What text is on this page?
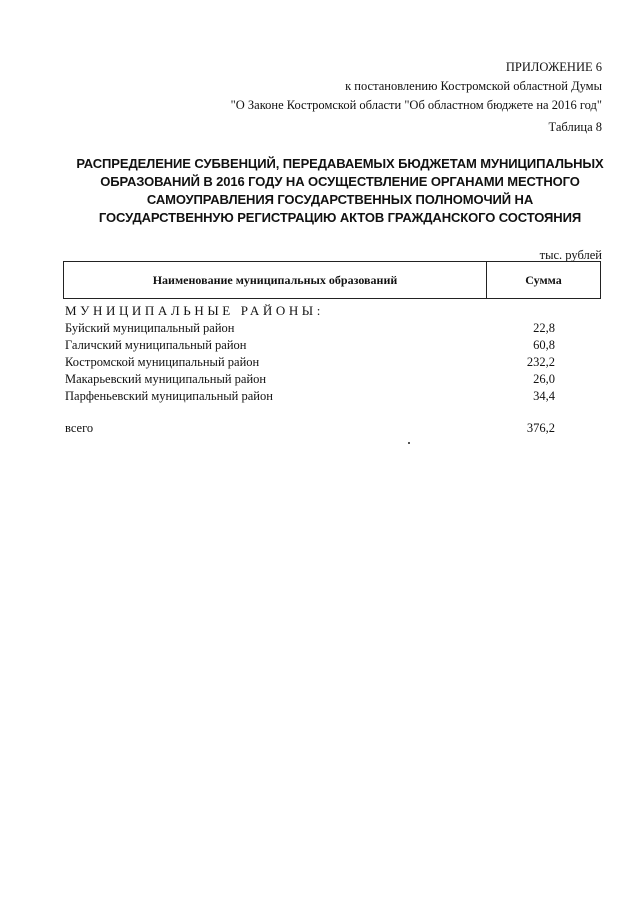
ПРИЛОЖЕНИЕ 6
к постановлению Костромской областной Думы
"О Законе Костромской области "Об областном бюджете на 2016 год"
Таблица 8
РАСПРЕДЕЛЕНИЕ СУБВЕНЦИЙ, ПЕРЕДАВАЕМЫХ БЮДЖЕТАМ МУНИЦИПАЛЬНЫХ
ОБРАЗОВАНИЙ В 2016 ГОДУ НА ОСУЩЕСТВЛЕНИЕ ОРГАНАМИ МЕСТНОГО
САМОУПРАВЛЕНИЯ ГОСУДАРСТВЕННЫХ ПОЛНОМОЧИЙ НА
ГОСУДАРСТВЕННУЮ РЕГИСТРАЦИЮ АКТОВ ГРАЖДАНСКОГО СОСТОЯНИЯ
тыс. рублей
Наименование муниципальных образований	Сумма
МУНИЦИПАЛЬНЫЕ РАЙОНЫ:
Буйский муниципальный район	22,8
Галичский муниципальный район	60,8
Костромской муниципальный район	232,2
Макарьевский муниципальный район	26,0
Парфеньевский муниципальный район	34,4
всего	376,2
